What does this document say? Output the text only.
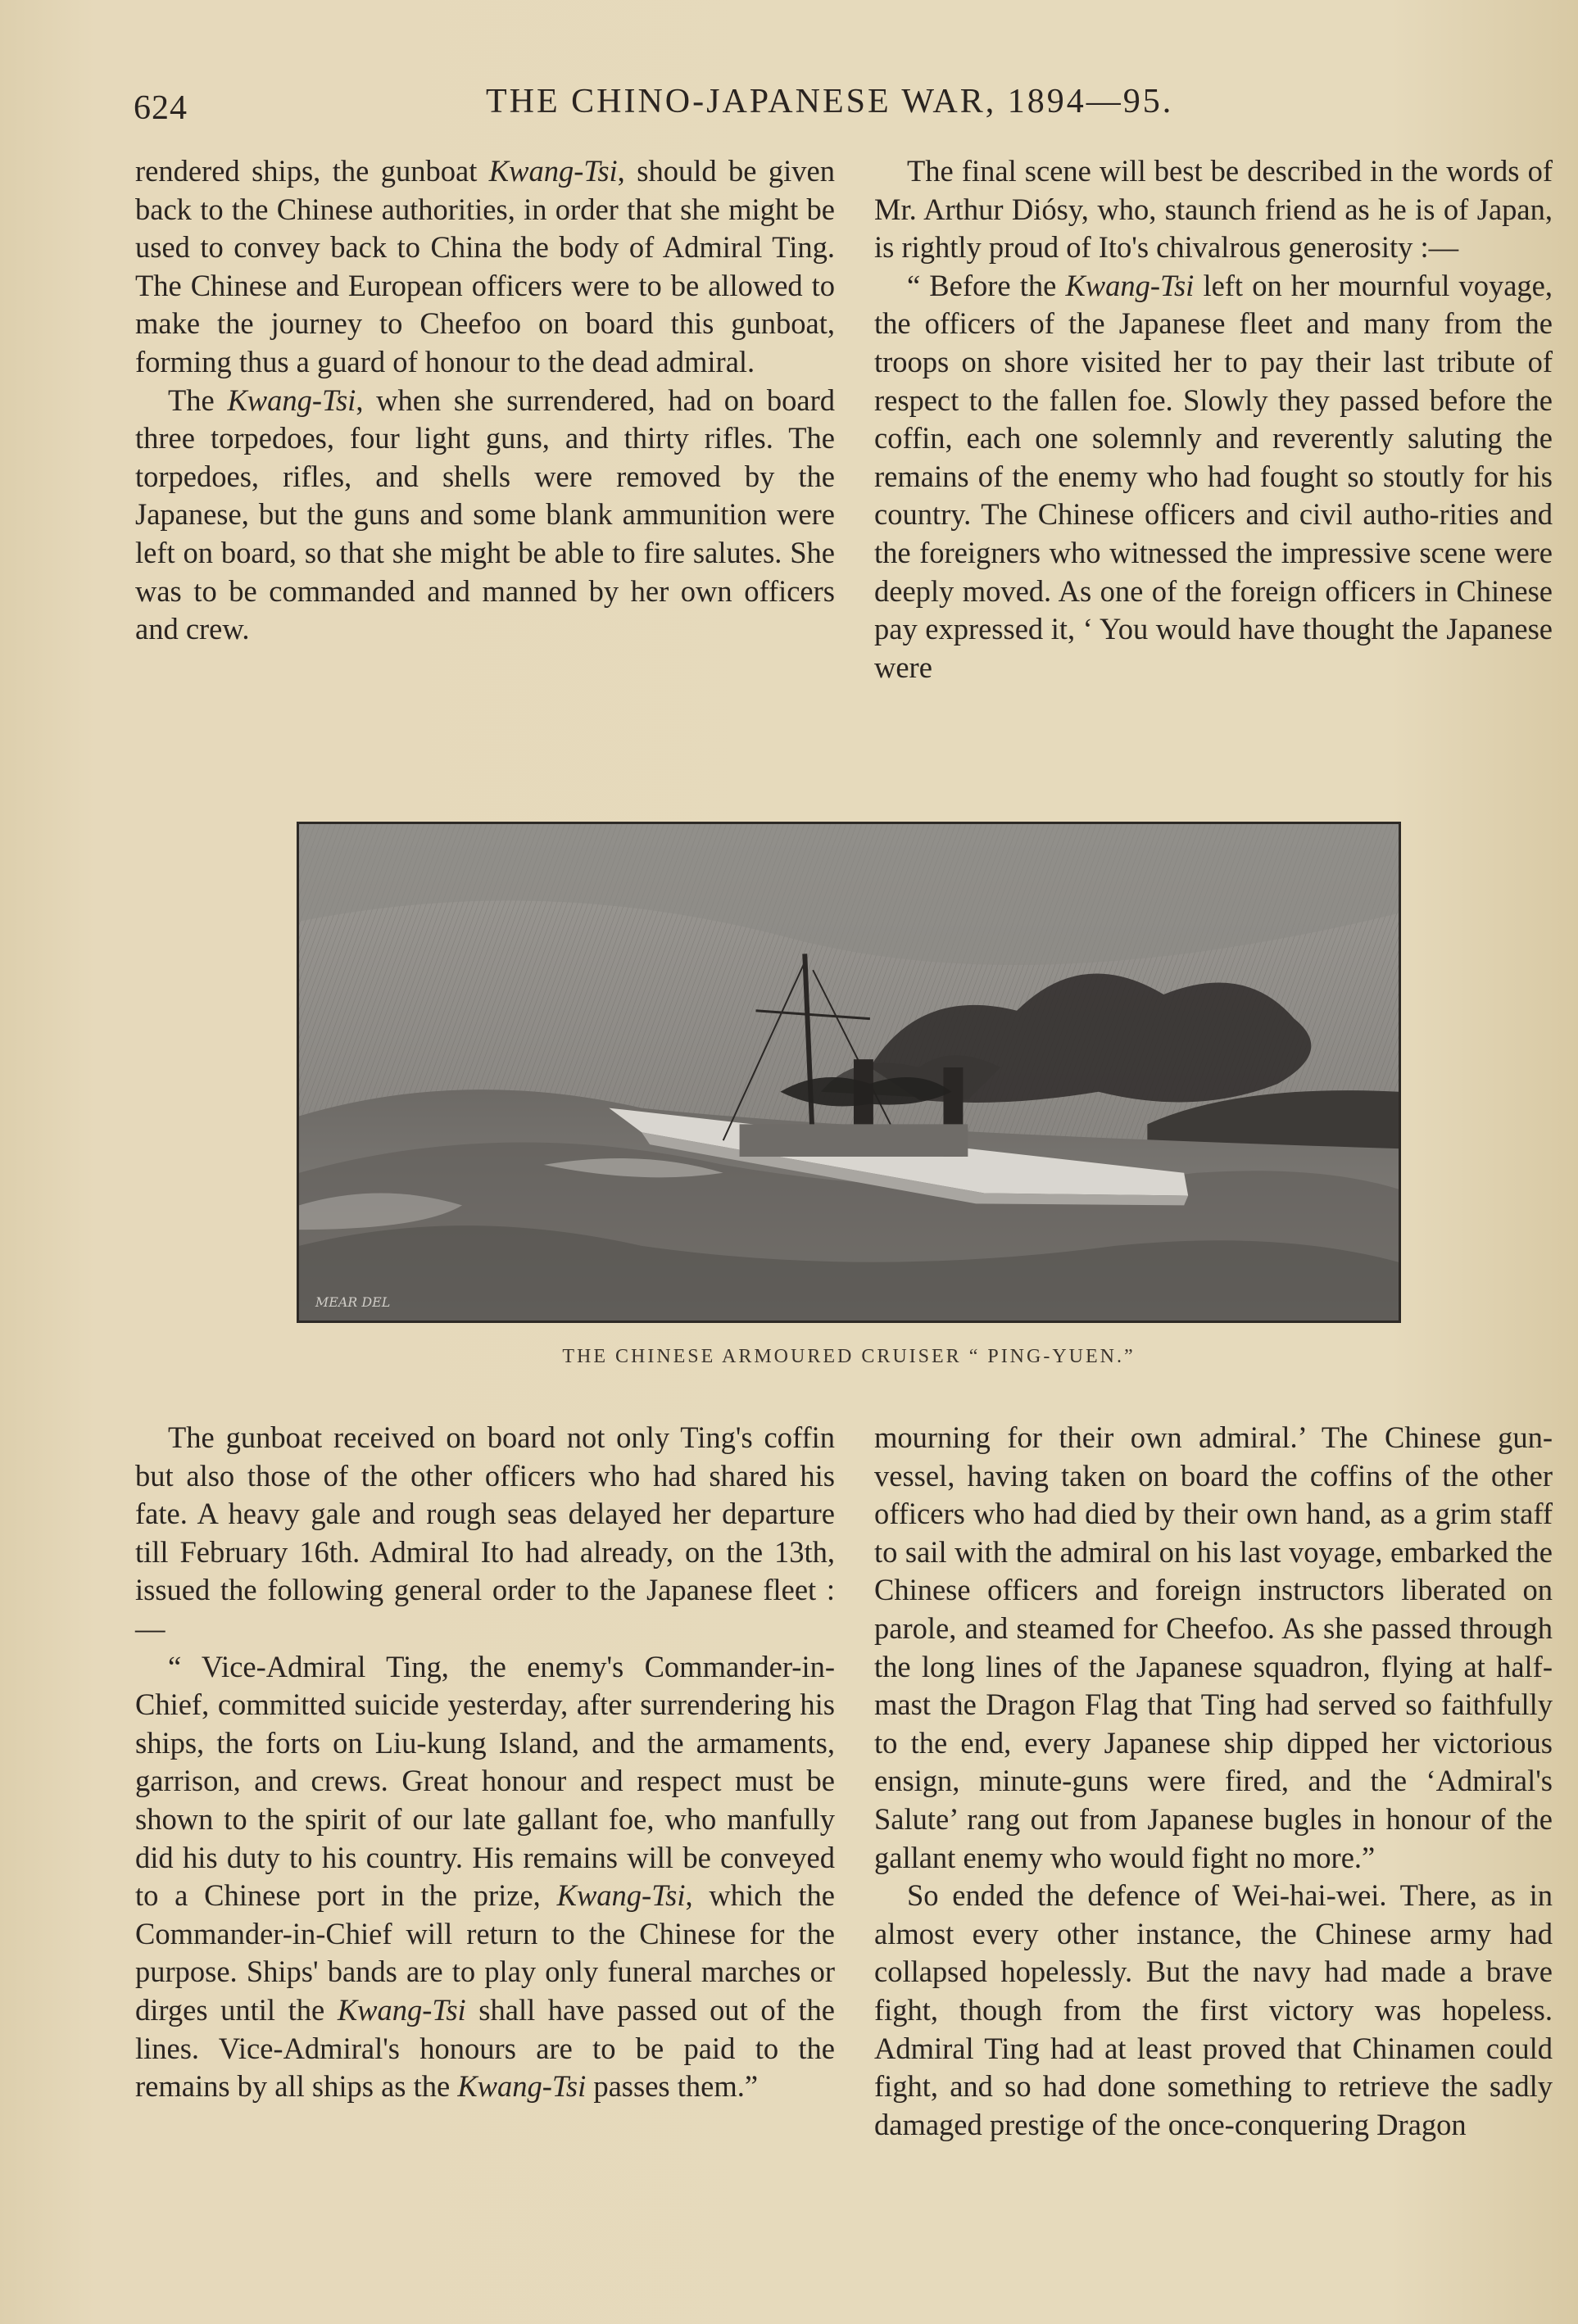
624	THE CHINO-JAPANESE WAR, 1894—95.

rendered ships, the gunboat Kwang-Tsi, should be given back to the Chinese authorities, in order that she might be used to convey back to China the body of Admiral Ting. The Chinese and European officers were to be allowed to make the journey to Cheefoo on board this gunboat, forming thus a guard of honour to the dead admiral.

The Kwang-Tsi, when she surrendered, had on board three torpedoes, four light guns, and thirty rifles. The torpedoes, rifles, and shells were removed by the Japanese, but the guns and some blank ammunition were left on board, so that she might be able to fire salutes. She was to be commanded and manned by her own officers and crew.

The final scene will best be described in the words of Mr. Arthur Diósy, who, staunch friend as he is of Japan, is rightly proud of Ito's chivalrous generosity :—

“ Before the Kwang-Tsi left on her mournful voyage, the officers of the Japanese fleet and many from the troops on shore visited her to pay their last tribute of respect to the fallen foe. Slowly they passed before the coffin, each one solemnly and reverently saluting the remains of the enemy who had fought so stoutly for his country. The Chinese officers and civil autho-rities and the foreigners who witnessed the impressive scene were deeply moved. As one of the foreign officers in Chinese pay expressed it, ‘ You would have thought the Japanese were

MEAR DEL
THE CHINESE ARMOURED CRUISER “ PING-YUEN.”

The gunboat received on board not only Ting's coffin but also those of the other officers who had shared his fate. A heavy gale and rough seas delayed her departure till February 16th. Admiral Ito had already, on the 13th, issued the following general order to the Japanese fleet :—

“ Vice-Admiral Ting, the enemy's Commander-in-Chief, committed suicide yesterday, after surrendering his ships, the forts on Liu-kung Island, and the armaments, garrison, and crews. Great honour and respect must be shown to the spirit of our late gallant foe, who manfully did his duty to his country. His remains will be conveyed to a Chinese port in the prize, Kwang-Tsi, which the Commander-in-Chief will return to the Chinese for the purpose. Ships' bands are to play only funeral marches or dirges until the Kwang-Tsi shall have passed out of the lines. Vice-Admiral's honours are to be paid to the remains by all ships as the Kwang-Tsi passes them.”

mourning for their own admiral.’ The Chinese gun-vessel, having taken on board the coffins of the other officers who had died by their own hand, as a grim staff to sail with the admiral on his last voyage, embarked the Chinese officers and foreign instructors liberated on parole, and steamed for Cheefoo. As she passed through the long lines of the Japanese squadron, flying at half-mast the Dragon Flag that Ting had served so faithfully to the end, every Japanese ship dipped her victorious ensign, minute-guns were fired, and the ‘Admiral's Salute’ rang out from Japanese bugles in honour of the gallant enemy who would fight no more.”

So ended the defence of Wei-hai-wei. There, as in almost every other instance, the Chinese army had collapsed hopelessly. But the navy had made a brave fight, though from the first victory was hopeless. Admiral Ting had at least proved that Chinamen could fight, and so had done something to retrieve the sadly damaged prestige of the once-conquering Dragon
